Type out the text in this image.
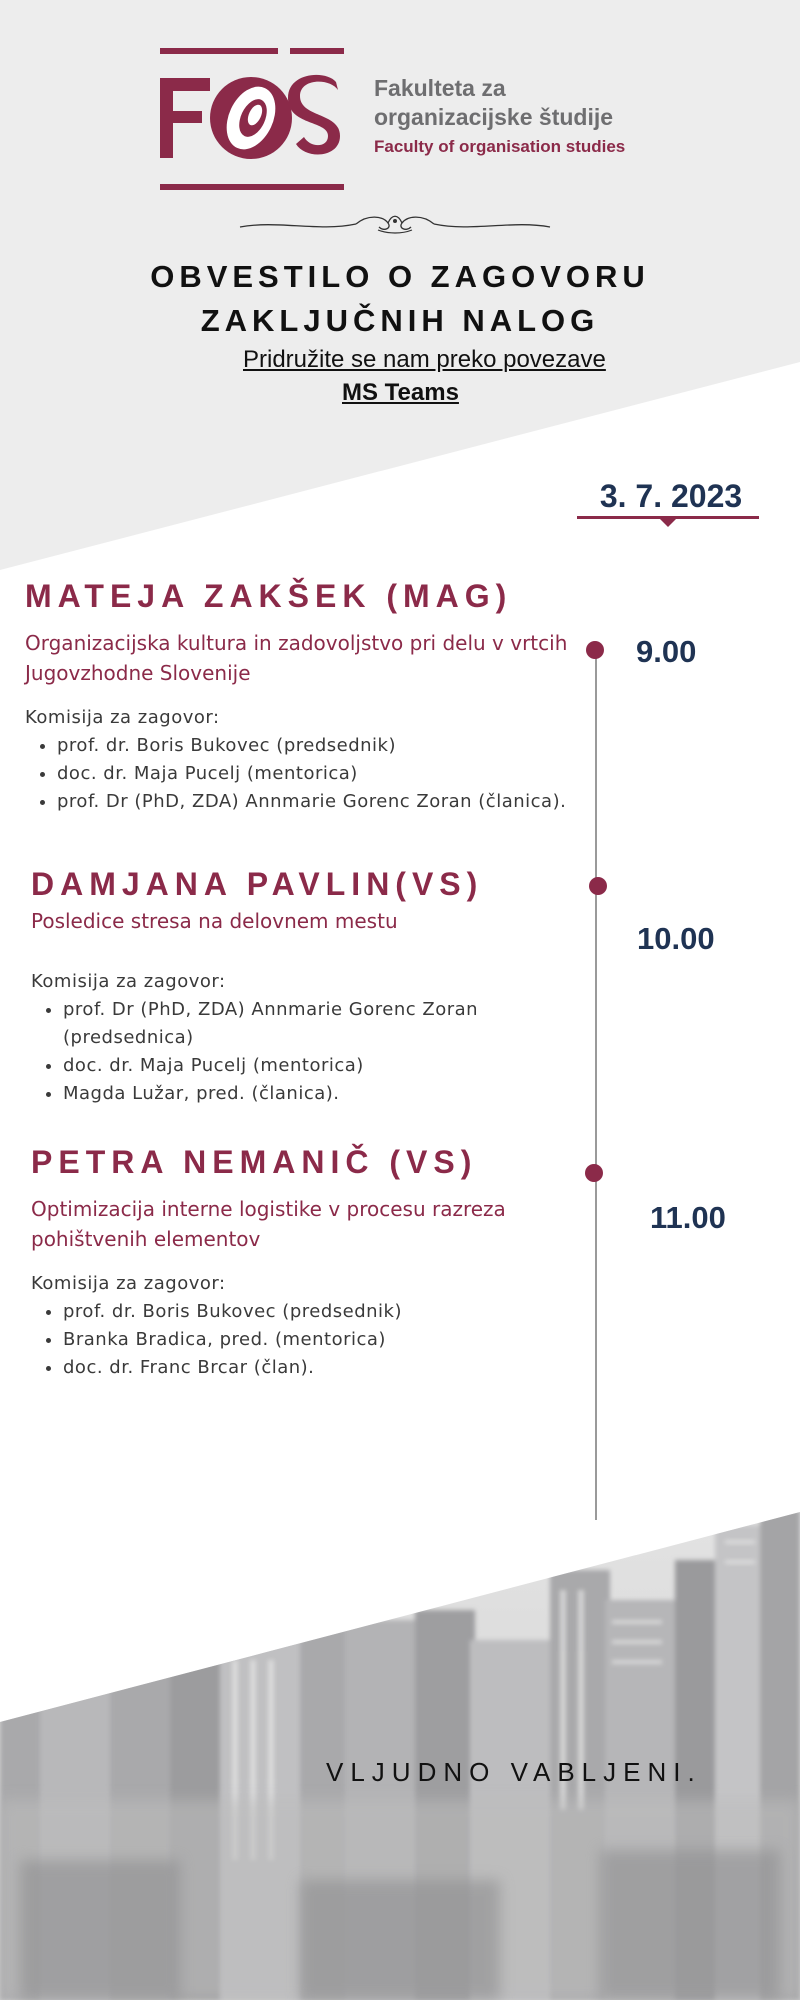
Fakulteta za
organizacijske študije
Faculty of organisation studies
OBVESTILO O ZAGOVORU
ZAKLJUČNIH NALOG
Pridružite se nam preko povezave
MS Teams
3. 7. 2023
9.00
10.00
11.00
MATEJA ZAKŠEK (MAG)
Organizacijska kultura in zadovoljstvo pri delu v vrtcih Jugovzhodne Slovenije
Komisija za zagovor:
• prof. dr. Boris Bukovec (predsednik)
• doc. dr. Maja Pucelj (mentorica)
• prof. Dr (PhD, ZDA) Annmarie Gorenc Zoran (članica).
DAMJANA PAVLIN(VS)
Posledice stresa na delovnem mestu
Komisija za zagovor:
• prof. Dr (PhD, ZDA) Annmarie Gorenc Zoran (predsednica)
• doc. dr. Maja Pucelj (mentorica)
• Magda Lužar, pred. (članica).
PETRA NEMANIČ (VS)
Optimizacija interne logistike v procesu razreza pohištvenih elementov
Komisija za zagovor:
• prof. dr. Boris Bukovec (predsednik)
• Branka Bradica, pred. (mentorica)
• doc. dr. Franc Brcar (član).
VLJUDNO VABLJENI.
